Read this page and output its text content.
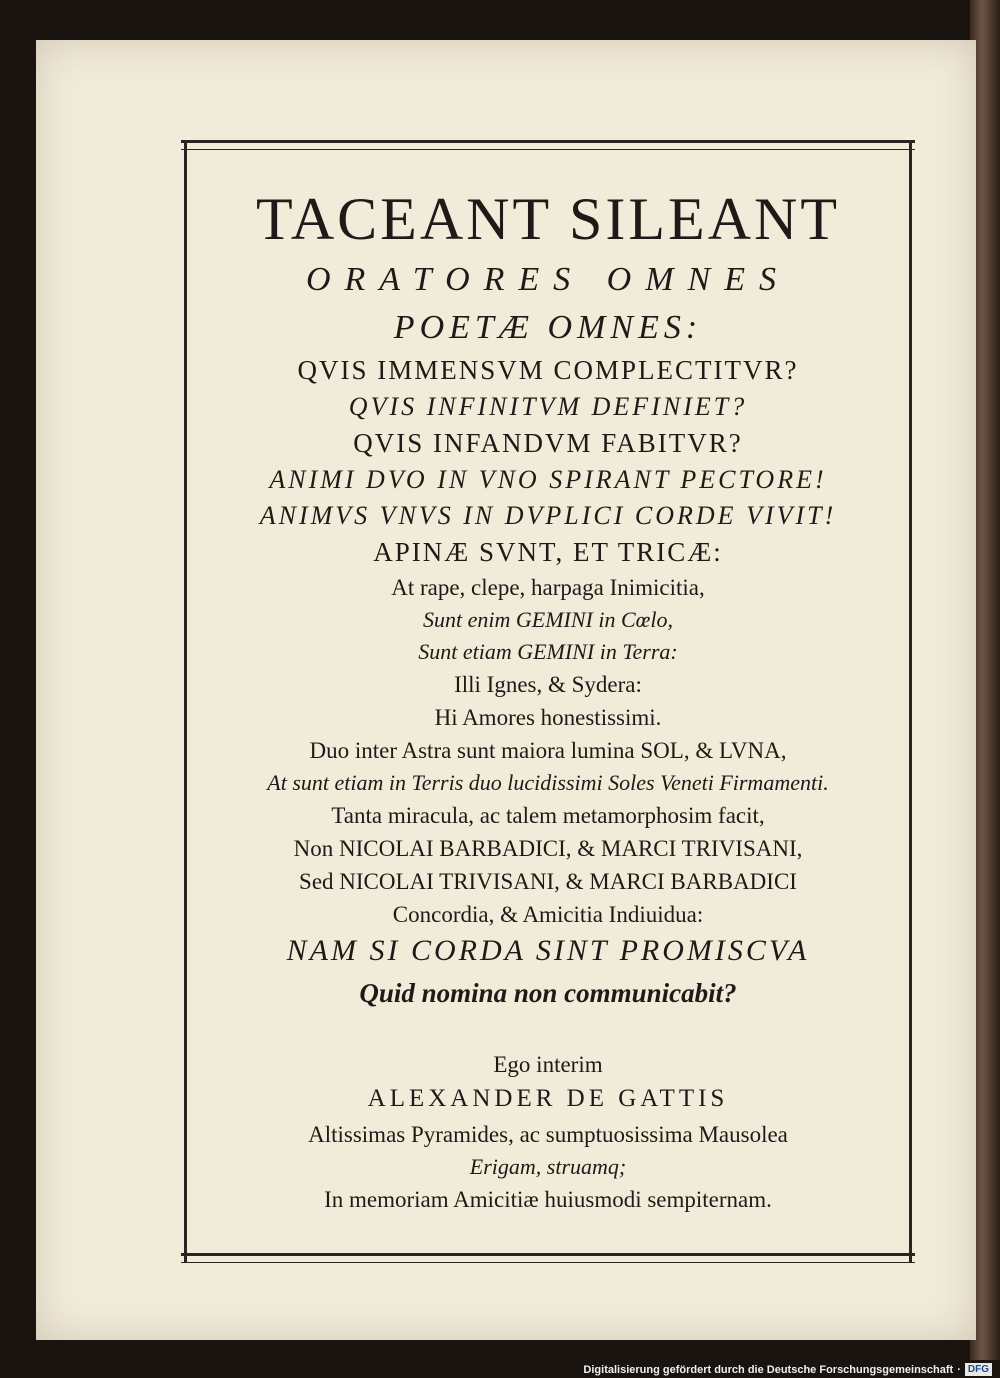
TACEANT SILEANT
ORATORES OMNES
POETÆ OMNES:
QVIS IMMENSVM COMPLECTITVR?
QVIS INFINITVM DEFINIET?
QVIS INFANDVM FABITVR?
ANIMI DVO IN VNO SPIRANT PECTORE!
ANIMVS VNVS IN DVPLICI CORDE VIVIT!
APINÆ SVNT, ET TRICÆ:
At rape, clepe, harpaga Inimicitia,
Sunt enim GEMINI in Cœlo,
Sunt etiam GEMINI in Terra:
Illi Ignes, & Sydera:
Hi Amores honestissimi.
Duo inter Astra sunt maiora lumina SOL, & LVNA,
At sunt etiam in Terris duo lucidissimi Soles Veneti Firmamenti.
Tanta miracula, ac talem metamorphosim facit,
Non NICOLAI BARBADICI, & MARCI TRIVISANI,
Sed NICOLAI TRIVISANI, & MARCI BARBADICI
Concordia, & Amicitia Indiuidua:
NAM SI CORDA SINT PROMISCVA
Quid nomina non communicabit?
Ego interim
ALEXANDER DE GATTIS
Altissimas Pyramides, ac sumptuosissima Mausolea
Erigam, struamq;
In memoriam Amicitiæ huiusmodi sempiternam.
Digitalisierung gefördert durch die Deutsche Forschungsgemeinschaft · DFG
